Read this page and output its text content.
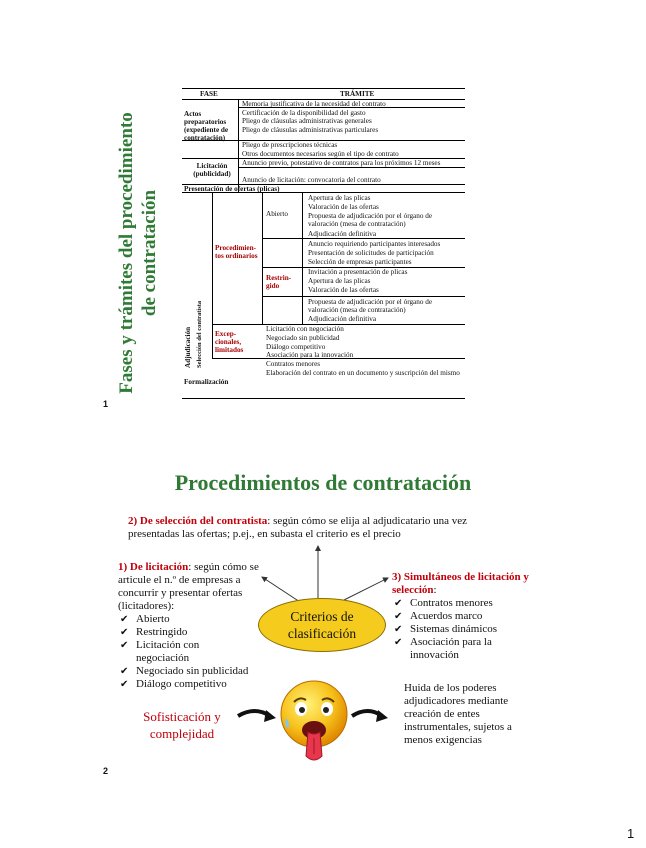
Fases y trámites del procedimiento de contratación
FASE	TRÁMITE
Actos preparatorios (expediente de contratación)
Memoria justificativa de la necesidad del contrato
Certificación de la disponibilidad del gasto
Pliego de cláusulas administrativas generales
Pliego de cláusulas administrativas particulares
Pliego de prescripciones técnicas
Otros documentos necesarios según el tipo de contrato
Licitación (publicidad)
Anuncio previo, potestativo de contratos para los próximos 12 meses
Anuncio de licitación: convocatoria del contrato
Presentación de ofertas (plicas)
Adjudicación Selección del contratista
Procedimien-tos ordinarios
Abierto
Apertura de las plicas
Valoración de las ofertas
Propuesta de adjudicación por el órgano de valoración (mesa de contratación)
Adjudicación definitiva
Restrin-gido
Anuncio requiriendo participantes interesados
Presentación de solicitudes de participación
Selección de empresas participantes
Invitación a presentación de plicas
Apertura de las plicas
Valoración de las ofertas
Propuesta de adjudicación por el órgano de valoración (mesa de contratación)
Adjudicación definitiva
Excep-cionales, limitados
Licitación con negociación
Negociado sin publicidad
Diálogo competitivo
Asociación para la innovación
Formalización
Contratos menores
Elaboración del contrato en un documento y suscripción del mismo
1
Procedimientos de contratación
2) De selección del contratista: según cómo se elija al adjudicatario una vez presentadas las ofertas; p.ej., en subasta el criterio es el precio
1) De licitación: según cómo se articule el n.º de empresas a concurrir y presentar ofertas (licitadores):
✔ Abierto
✔ Restringido
✔ Licitación con negociación
✔ Negociado sin publicidad
✔ Diálogo competitivo
3) Simultáneos de licitación y selección:
✔ Contratos menores
✔ Acuerdos marco
✔ Sistemas dinámicos
✔ Asociación para la innovación
Criterios de
clasificación
Sofisticación y
complejidad
Huida de los poderes adjudicadores mediante creación de entes instrumentales, sujetos a menos exigencias
2
1
